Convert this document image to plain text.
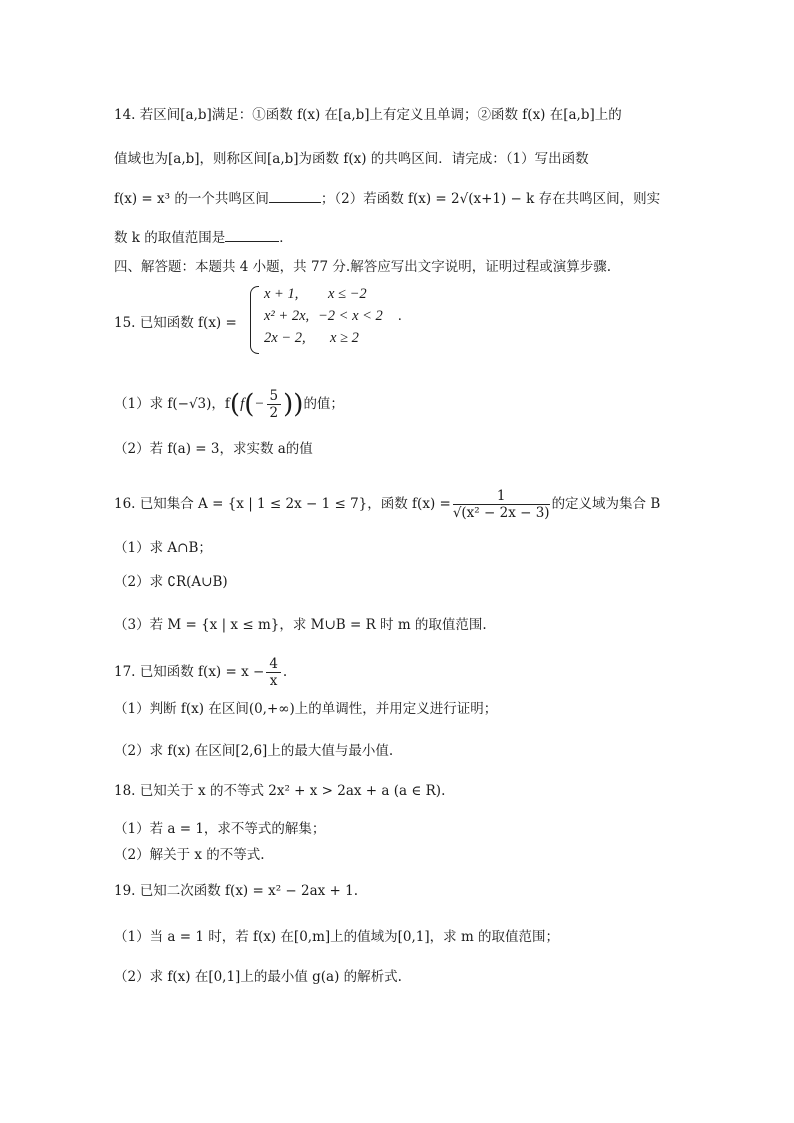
14. 若区间[a,b]满足：①函数 f(x) 在[a,b]上有定义且单调；②函数 f(x) 在[a,b]上的
值域也为[a,b]，则称区间[a,b]为函数 f(x) 的共鸣区间．请完成：（1）写出函数
f(x) = x³ 的一个共鸣区间	；（2）若函数 f(x) = 2√(x+1) − k 存在共鸣区间，则实
数 k 的取值范围是	．
四、解答题：本题共 4 小题，共 77 分.解答应写出文字说明，证明过程或演算步骤.
15. 已知函数 f(x) =
x + 1, x ≤ −2
x² + 2x, −2 < x < 2
2x − 2, x ≥ 2
.
（1）求 f(−√3)，$f(f(- \frac{5}{2}$ ))的值；
（2）若 f(a) = 3，求实数 a的值
16. 已知集合 A = {x | 1 ≤ 2x − 1 ≤ 7}，函数 $f(x) = \frac{1}{\text{√(x² − 2x − 3)}}$ 的定义域为集合 B
（1）求 A∩B；
（2）求 ∁R(A∪B)
（3）若 M = {x | x ≤ m}，求 M∪B = R 时 m 的取值范围.
17. 已知函数 $f(x) = x - \frac{4}{x}$ .
（1）判断 f(x) 在区间(0,+∞)上的单调性，并用定义进行证明；
（2）求 f(x) 在区间[2,6]上的最大值与最小值.
18. 已知关于 x 的不等式 2x² + x > 2ax + a (a ∈ R).
（1）若 a = 1，求不等式的解集；
（2）解关于 x 的不等式.
19. 已知二次函数 f(x) = x² − 2ax + 1.
（1）当 a = 1 时，若 f(x) 在[0,m]上的值域为[0,1]，求 m 的取值范围；
（2）求 f(x) 在[0,1]上的最小值 g(a) 的解析式.
